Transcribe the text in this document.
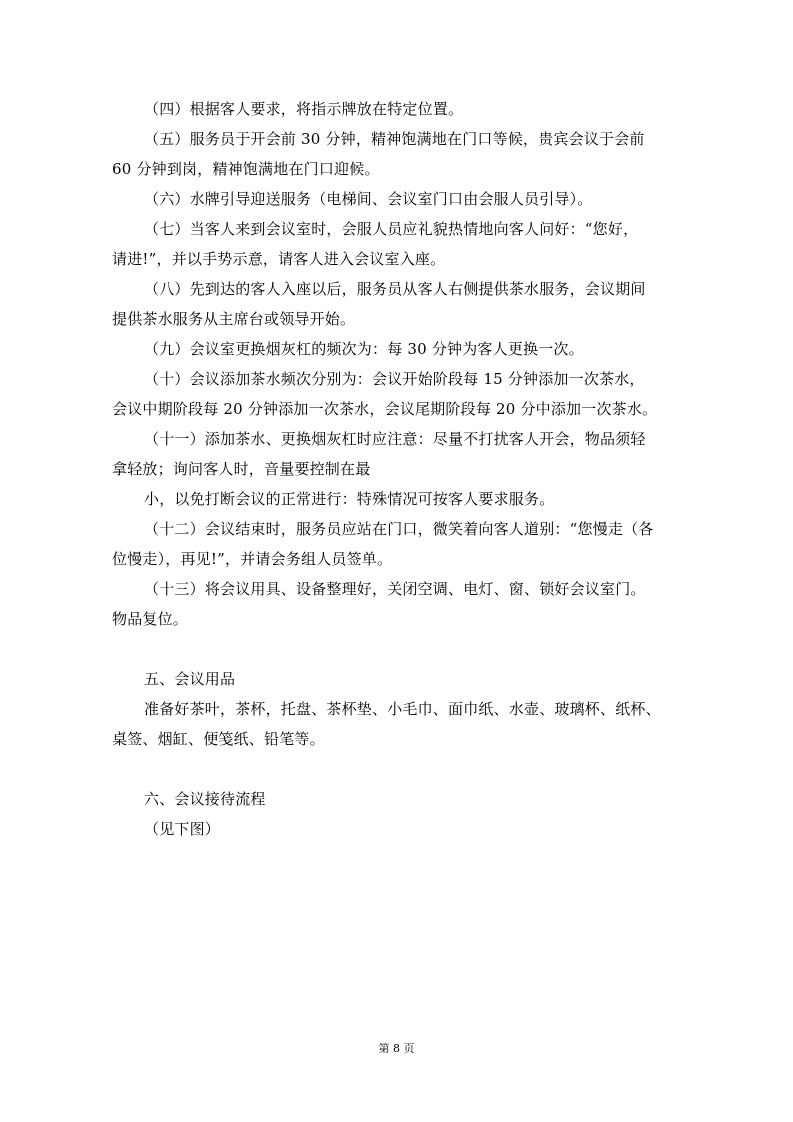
（四）根据客人要求，将指示牌放在特定位置。

（五）服务员于开会前 30 分钟，精神饱满地在门口等候，贵宾会议于会前

60 分钟到岗，精神饱满地在门口迎候。

（六）水牌引导迎送服务（电梯间、会议室门口由会服人员引导）。

（七）当客人来到会议室时，会服人员应礼貌热情地向客人问好：“您好，

请进!”，并以手势示意，请客人进入会议室入座。

（八）先到达的客人入座以后，服务员从客人右侧提供茶水服务，会议期间

提供茶水服务从主席台或领导开始。

（九）会议室更换烟灰杠的频次为：每 30 分钟为客人更换一次。

（十）会议添加茶水频次分别为：会议开始阶段每 15 分钟添加一次茶水，

会议中期阶段每 20 分钟添加一次茶水，会议尾期阶段每 20 分中添加一次茶水。

（十一）添加茶水、更换烟灰杠时应注意：尽量不打扰客人开会，物品须轻

拿轻放；询问客人时，音量要控制在最

小，以免打断会议的正常进行：特殊情况可按客人要求服务。

（十二）会议结束时，服务员应站在门口，微笑着向客人道别：“您慢走（各

位慢走），再见!”，并请会务组人员签单。

（十三）将会议用具、设备整理好，关闭空调、电灯、窗、锁好会议室门。

物品复位。

五、会议用品

准备好茶叶，茶杯，托盘、茶杯垫、小毛巾、面巾纸、水壶、玻璃杯、纸杯、

桌签、烟缸、便笺纸、铅笔等。

六、会议接待流程

（见下图）

第 8 页
